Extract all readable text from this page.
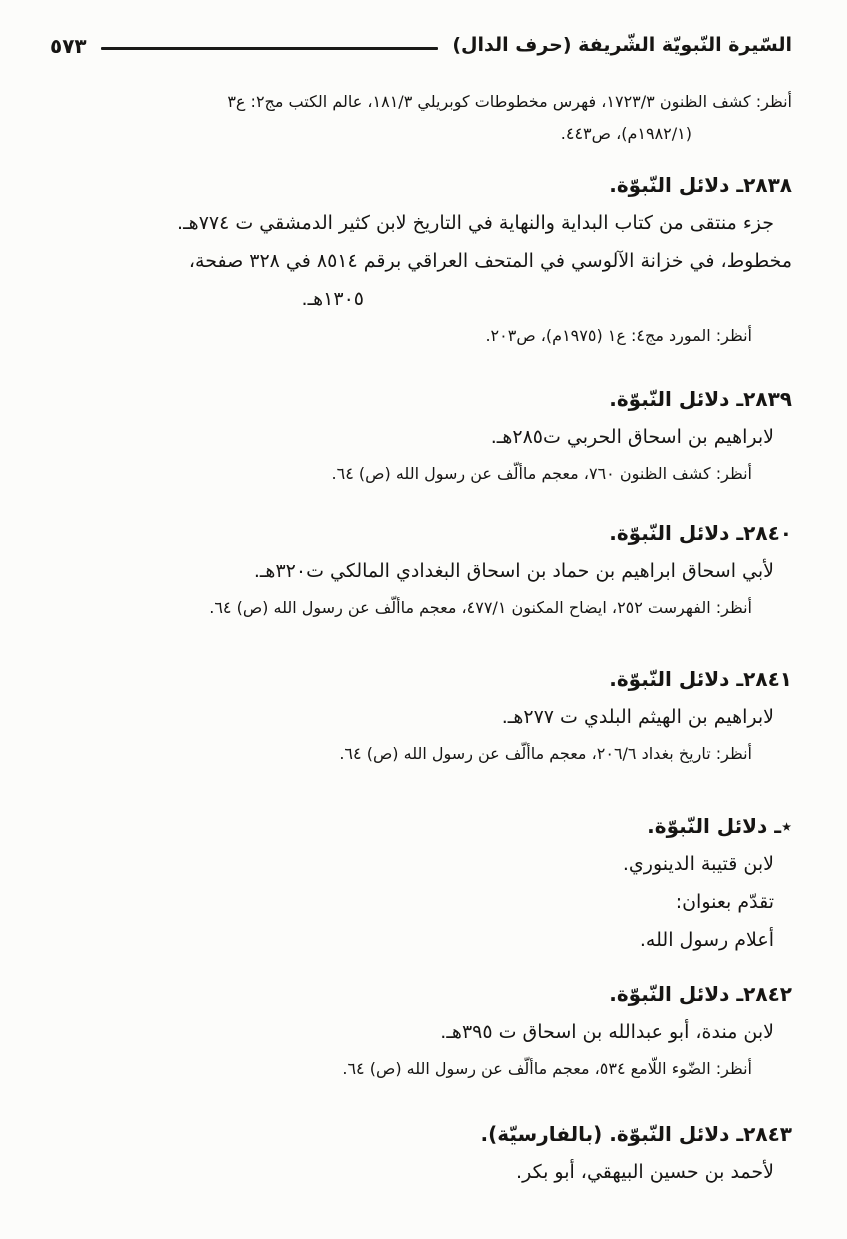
السّيرة النّبويّة الشّريفة (حرف الدال)
٥٧٣

أنظر: كشف الظنون ١٧٢٣/٣، فهرس مخطوطات كوبريلي ١٨١/٣، عالم الكتب مج٢: ع٣

(١٩٨٢/١م)، ص٤٤٣.

٢٨٣٨ـ دلائل النّبوّة.

جزء منتقى من كتاب البداية والنهاية في التاريخ لابن كثير الدمشقي ت ٧٧٤هـ.

مخطوط، في خزانة الآلوسي في المتحف العراقي برقم ٨٥١٤ في ٣٢٨ صفحة،

١٣٠٥هـ.

أنظر: المورد مج٤: ع١ (١٩٧٥م)، ص٢٠٣.

٢٨٣٩ـ دلائل النّبوّة.

لابراهيم بن اسحاق الحربي ت٢٨٥هـ.

أنظر: كشف الظنون ٧٦٠، معجم ماألّف عن رسول الله (ص) ٦٤.

٢٨٤٠ـ دلائل النّبوّة.

لأبي اسحاق ابراهيم بن حماد بن اسحاق البغدادي المالكي ت٣٢٠هـ.

أنظر: الفهرست ٢٥٢، ايضاح المكنون ٤٧٧/١، معجم ماألّف عن رسول الله (ص) ٦٤.

٢٨٤١ـ دلائل النّبوّة.

لابراهيم بن الهيثم البلدي ت ٢٧٧هـ.

أنظر: تاريخ بغداد ٢٠٦/٦، معجم ماألّف عن رسول الله (ص) ٦٤.

٭ـ دلائل النّبوّة.

لابن قتيبة الدينوري.

تقدّم بعنوان:

أعلام رسول الله.

٢٨٤٢ـ دلائل النّبوّة.

لابن مندة، أبو عبدالله بن اسحاق ت ٣٩٥هـ.

أنظر: الضّوء اللّامع ٥٣٤، معجم ماألّف عن رسول الله (ص) ٦٤.

٢٨٤٣ـ دلائل النّبوّة. (بالفارسيّة).

لأحمد بن حسين البيهقي، أبو بكر.
